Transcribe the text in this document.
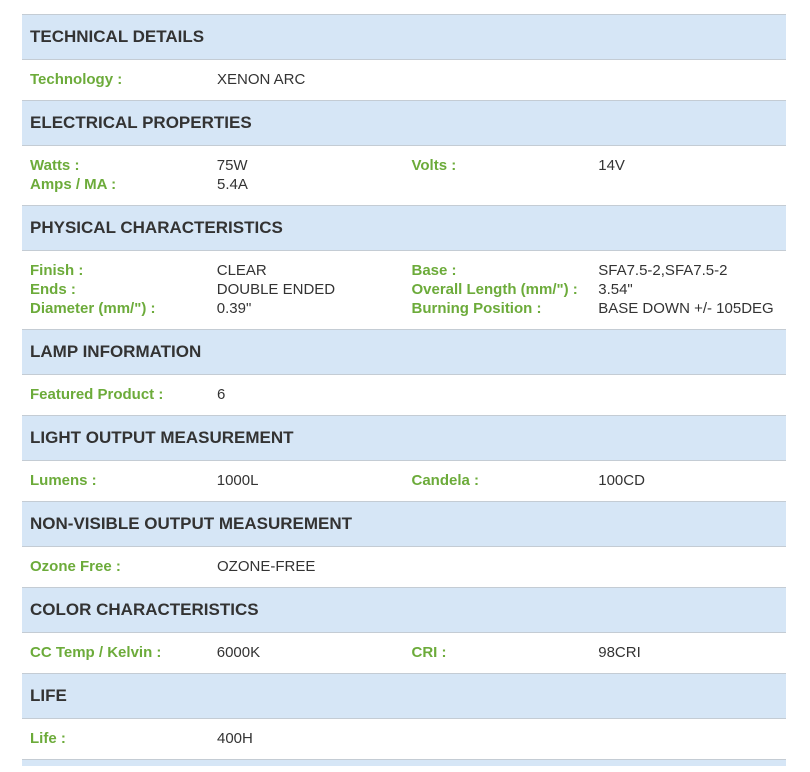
TECHNICAL DETAILS
Technology :	XENON ARC
ELECTRICAL PROPERTIES
Watts :	75W	Volts :	14V
Amps / MA :	5.4A
PHYSICAL CHARACTERISTICS
Finish :	CLEAR	Base :	SFA7.5-2,SFA7.5-2
Ends :	DOUBLE ENDED	Overall Length (mm/") :	3.54"
Diameter (mm/") :	0.39"	Burning Position :	BASE DOWN +/- 105DEG
LAMP INFORMATION
Featured Product :	6
LIGHT OUTPUT MEASUREMENT
Lumens :	1000L	Candela :	100CD
NON-VISIBLE OUTPUT MEASUREMENT
Ozone Free :	OZONE-FREE
COLOR CHARACTERISTICS
CC Temp / Kelvin :	6000K	CRI :	98CRI
LIFE
Life :	400H
